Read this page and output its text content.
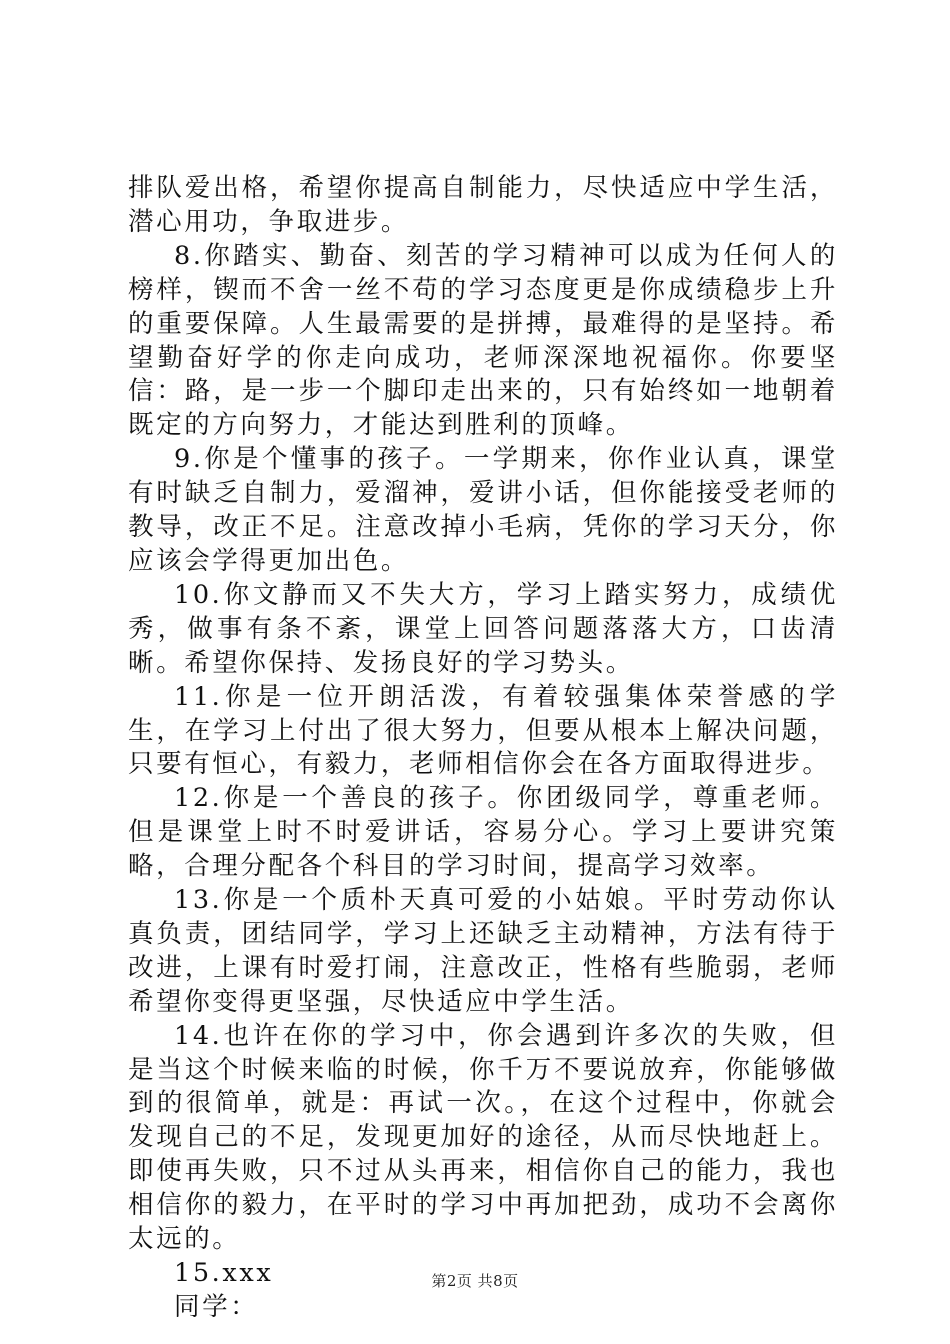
排队爱出格，希望你提高自制能力，尽快适应中学生活，潜心用功，争取进步。

8.你踏实、勤奋、刻苦的学习精神可以成为任何人的榜样，锲而不舍一丝不苟的学习态度更是你成绩稳步上升的重要保障。人生最需要的是拼搏，最难得的是坚持。希望勤奋好学的你走向成功，老师深深地祝福你。你要坚信：路，是一步一个脚印走出来的，只有始终如一地朝着既定的方向努力，才能达到胜利的顶峰。

9.你是个懂事的孩子。一学期来，你作业认真，课堂有时缺乏自制力，爱溜神，爱讲小话，但你能接受老师的教导，改正不足。注意改掉小毛病，凭你的学习天分，你应该会学得更加出色。

10.你文静而又不失大方，学习上踏实努力，成绩优秀，做事有条不紊，课堂上回答问题落落大方，口齿清晰。希望你保持、发扬良好的学习势头。

11.你是一位开朗活泼，有着较强集体荣誉感的学生，在学习上付出了很大努力，但要从根本上解决问题，只要有恒心，有毅力，老师相信你会在各方面取得进步。

12.你是一个善良的孩子。你团级同学，尊重老师。但是课堂上时不时爱讲话，容易分心。学习上要讲究策略，合理分配各个科目的学习时间，提高学习效率。

13.你是一个质朴天真可爱的小姑娘。平时劳动你认真负责，团结同学，学习上还缺乏主动精神，方法有待于改进，上课有时爱打闹，注意改正，性格有些脆弱，老师希望你变得更坚强，尽快适应中学生活。

14.也许在你的学习中，你会遇到许多次的失败，但是当这个时候来临的时候，你千万不要说放弃，你能够做到的很简单，就是：再试一次。，在这个过程中，你就会发现自己的不足，发现更加好的途径，从而尽快地赶上。即使再失败，只不过从头再来，相信你自己的能力，我也相信你的毅力，在平时的学习中再加把劲，成功不会离你太远的。

15.xxx

同学：

第2页 共8页
